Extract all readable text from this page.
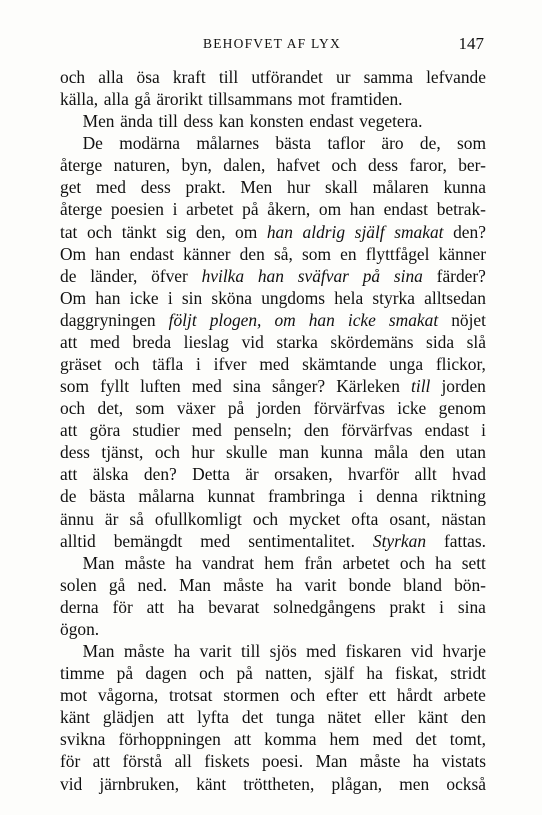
BEHOFVET AF LYX	147
och alla ösa kraft till utförandet ur samma lefvande
källa, alla gå ärorikt tillsammans mot framtiden.
Men ända till dess kan konsten endast vegetera.
De modärna målarnes bästa taflor äro de, som
återge naturen, byn, dalen, hafvet och dess faror, ber-
get med dess prakt. Men hur skall målaren kunna
återge poesien i arbetet på åkern, om han endast betrak-
tat och tänkt sig den, om han aldrig själf smakat den?
Om han endast känner den så, som en flyttfågel känner
de länder, öfver hvilka han sväfvar på sina färder?
Om han icke i sin sköna ungdoms hela styrka alltsedan
daggryningen följt plogen, om han icke smakat nöjet
att med breda lieslag vid starka skördemäns sida slå
gräset och täfla i ifver med skämtande unga flickor,
som fyllt luften med sina sånger? Kärleken till jorden
och det, som växer på jorden förvärfvas icke genom
att göra studier med penseln; den förvärfvas endast i
dess tjänst, och hur skulle man kunna måla den utan
att älska den? Detta är orsaken, hvarför allt hvad
de bästa målarna kunnat frambringa i denna riktning
ännu är så ofullkomligt och mycket ofta osant, nästan
alltid bemängdt med sentimentalitet. Styrkan fattas.
Man måste ha vandrat hem från arbetet och ha sett
solen gå ned. Man måste ha varit bonde bland bön-
derna för att ha bevarat solnedgångens prakt i sina
ögon.
Man måste ha varit till sjös med fiskaren vid hvarje
timme på dagen och på natten, själf ha fiskat, stridt
mot vågorna, trotsat stormen och efter ett hårdt arbete
känt glädjen att lyfta det tunga nätet eller känt den
svikna förhoppningen att komma hem med det tomt,
för att förstå all fiskets poesi. Man måste ha vistats
vid järnbruken, känt tröttheten, plågan, men också
